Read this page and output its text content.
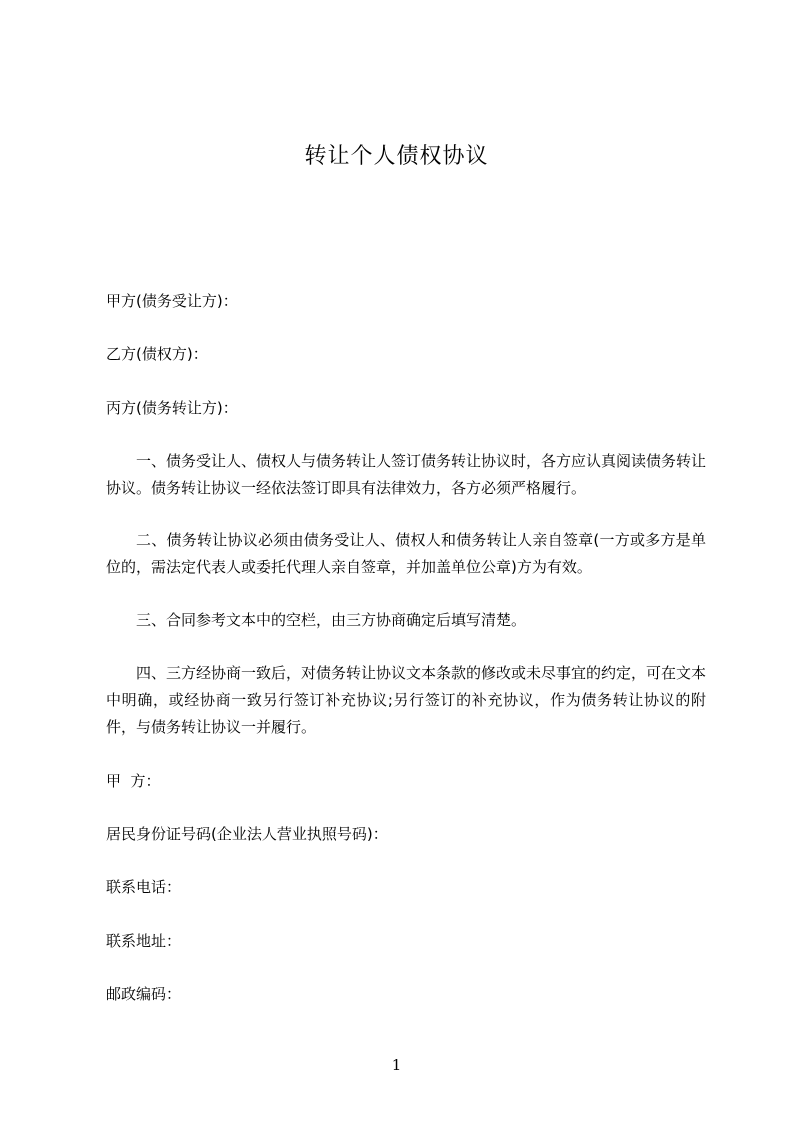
转让个人债权协议
甲方(债务受让方)：
乙方(债权方)：
丙方(债务转让方)：
一、债务受让人、债权人与债务转让人签订债务转让协议时，各方应认真阅读债务转让协议。债务转让协议一经依法签订即具有法律效力，各方必须严格履行。
二、债务转让协议必须由债务受让人、债权人和债务转让人亲自签章(一方或多方是单位的，需法定代表人或委托代理人亲自签章，并加盖单位公章)方为有效。
三、合同参考文本中的空栏，由三方协商确定后填写清楚。
四、三方经协商一致后，对债务转让协议文本条款的修改或未尽事宜的约定，可在文本中明确，或经协商一致另行签订补充协议;另行签订的补充协议，作为债务转让协议的附件，与债务转让协议一并履行。
甲  方：
居民身份证号码(企业法人营业执照号码)：
联系电话：
联系地址：
邮政编码：
1
